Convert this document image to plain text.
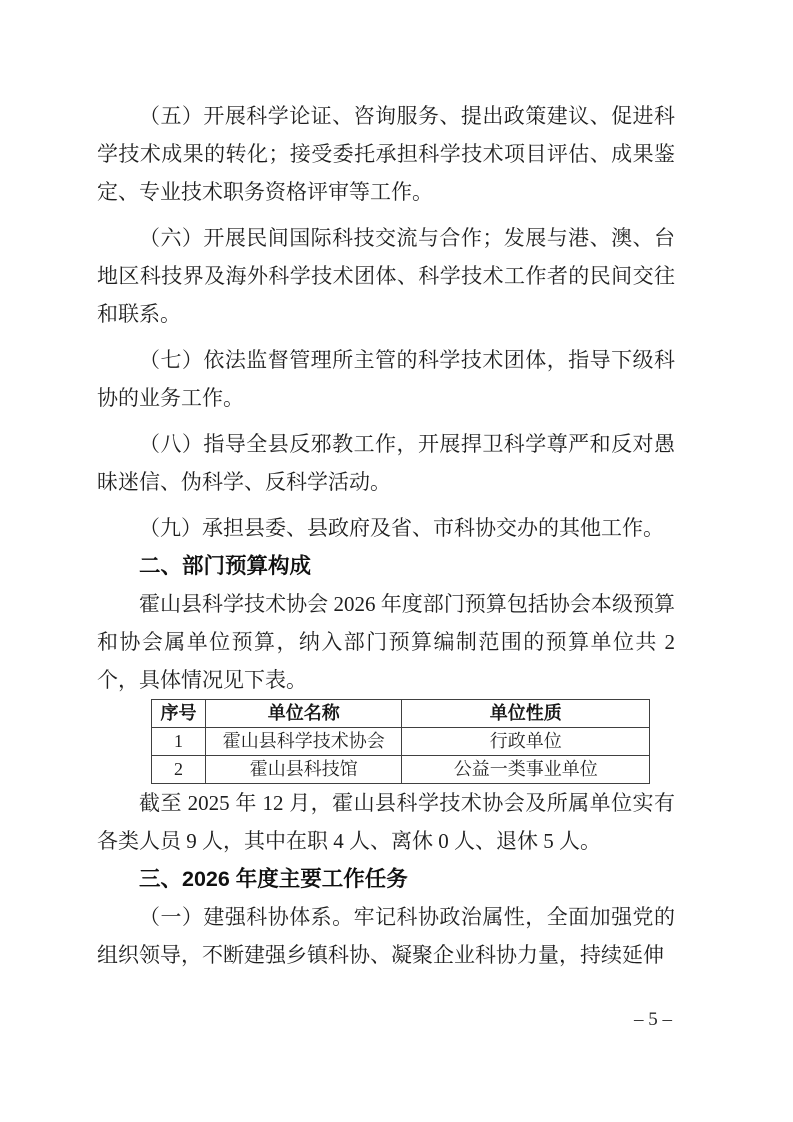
（五）开展科学论证、咨询服务、提出政策建议、促进科学技术成果的转化；接受委托承担科学技术项目评估、成果鉴定、专业技术职务资格评审等工作。

（六）开展民间国际科技交流与合作；发展与港、澳、台地区科技界及海外科学技术团体、科学技术工作者的民间交往和联系。

（七）依法监督管理所主管的科学技术团体，指导下级科协的业务工作。

（八）指导全县反邪教工作，开展捍卫科学尊严和反对愚昧迷信、伪科学、反科学活动。

（九）承担县委、县政府及省、市科协交办的其他工作。

二、部门预算构成

霍山县科学技术协会 2026 年度部门预算包括协会本级预算和协会属单位预算，纳入部门预算编制范围的预算单位共 2 个，具体情况见下表。

序号	单位名称	单位性质
1	霍山县科学技术协会	行政单位
2	霍山县科技馆	公益一类事业单位

截至 2025 年 12 月，霍山县科学技术协会及所属单位实有各类人员 9 人，其中在职 4 人、离休 0 人、退休 5 人。

三、2026 年度主要工作任务

（一）建强科协体系。牢记科协政治属性，全面加强党的组织领导，不断建强乡镇科协、凝聚企业科协力量，持续延伸

– 5 –
